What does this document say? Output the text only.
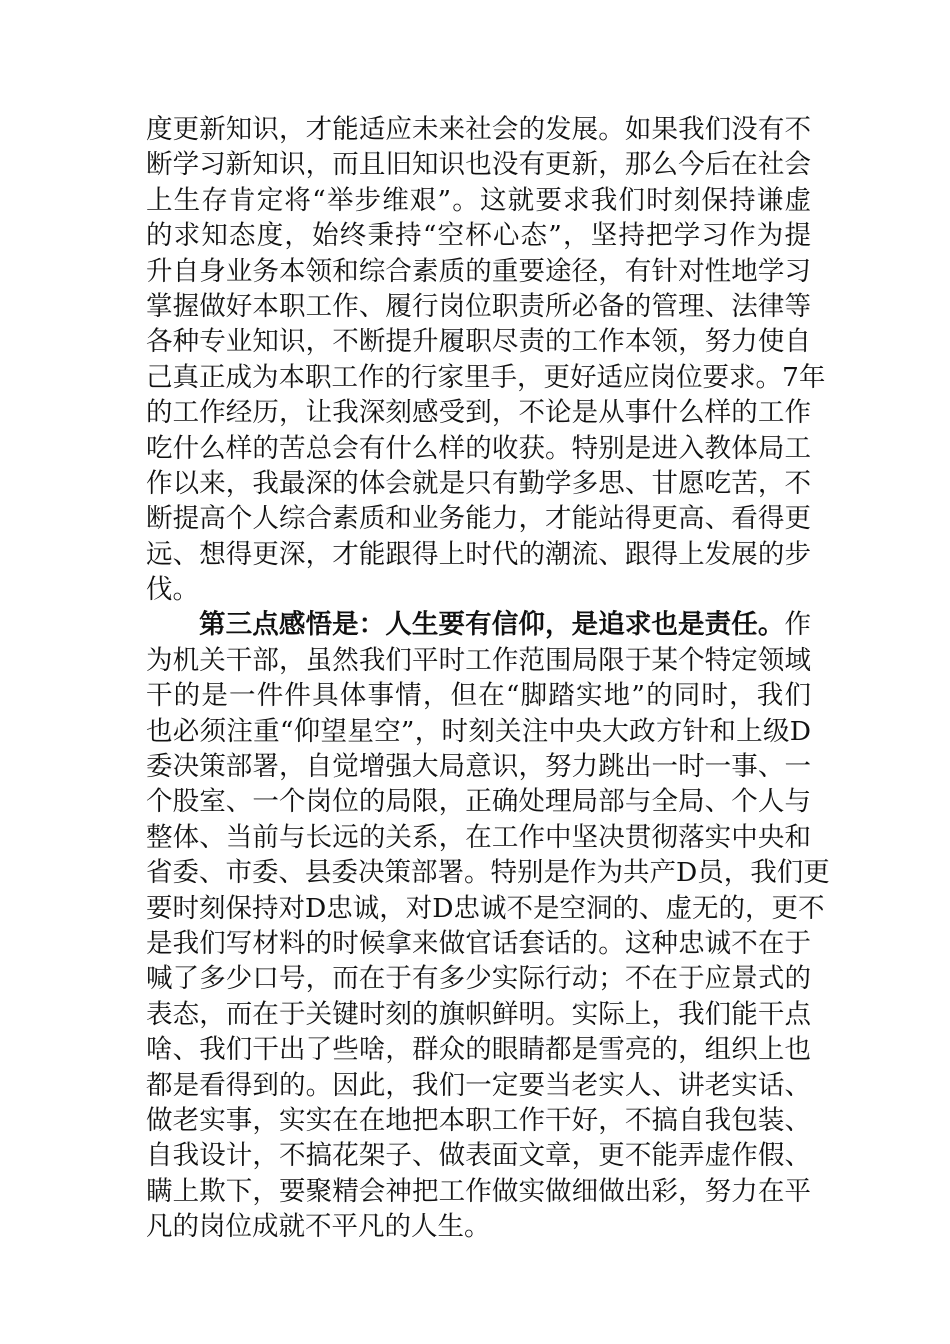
度更新知识，才能适应未来社会的发展。如果我们没有不
断学习新知识，而且旧知识也没有更新，那么今后在社会
上生存肯定将“举步维艰”。这就要求我们时刻保持谦虚
的求知态度，始终秉持“空杯心态”，坚持把学习作为提
升自身业务本领和综合素质的重要途径，有针对性地学习
掌握做好本职工作、履行岗位职责所必备的管理、法律等
各种专业知识，不断提升履职尽责的工作本领，努力使自
己真正成为本职工作的行家里手，更好适应岗位要求。7年
的工作经历，让我深刻感受到，不论是从事什么样的工作
吃什么样的苦总会有什么样的收获。特别是进入教体局工
作以来，我最深的体会就是只有勤学多思、甘愿吃苦，不
断提高个人综合素质和业务能力，才能站得更高、看得更
远、想得更深，才能跟得上时代的潮流、跟得上发展的步
伐。
第三点感悟是：人生要有信仰，是追求也是责任。作
为机关干部，虽然我们平时工作范围局限于某个特定领域
干的是一件件具体事情，但在“脚踏实地”的同时，我们
也必须注重“仰望星空”，时刻关注中央大政方针和上级D
委决策部署，自觉增强大局意识，努力跳出一时一事、一
个股室、一个岗位的局限，正确处理局部与全局、个人与
整体、当前与长远的关系，在工作中坚决贯彻落实中央和
省委、市委、县委决策部署。特别是作为共产D员，我们更
要时刻保持对D忠诚，对D忠诚不是空洞的、虚无的，更不
是我们写材料的时候拿来做官话套话的。这种忠诚不在于
喊了多少口号，而在于有多少实际行动；不在于应景式的
表态，而在于关键时刻的旗帜鲜明。实际上，我们能干点
啥、我们干出了些啥，群众的眼睛都是雪亮的，组织上也
都是看得到的。因此，我们一定要当老实人、讲老实话、
做老实事，实实在在地把本职工作干好，不搞自我包装、
自我设计，不搞花架子、做表面文章，更不能弄虚作假、
瞒上欺下，要聚精会神把工作做实做细做出彩，努力在平
凡的岗位成就不平凡的人生。
